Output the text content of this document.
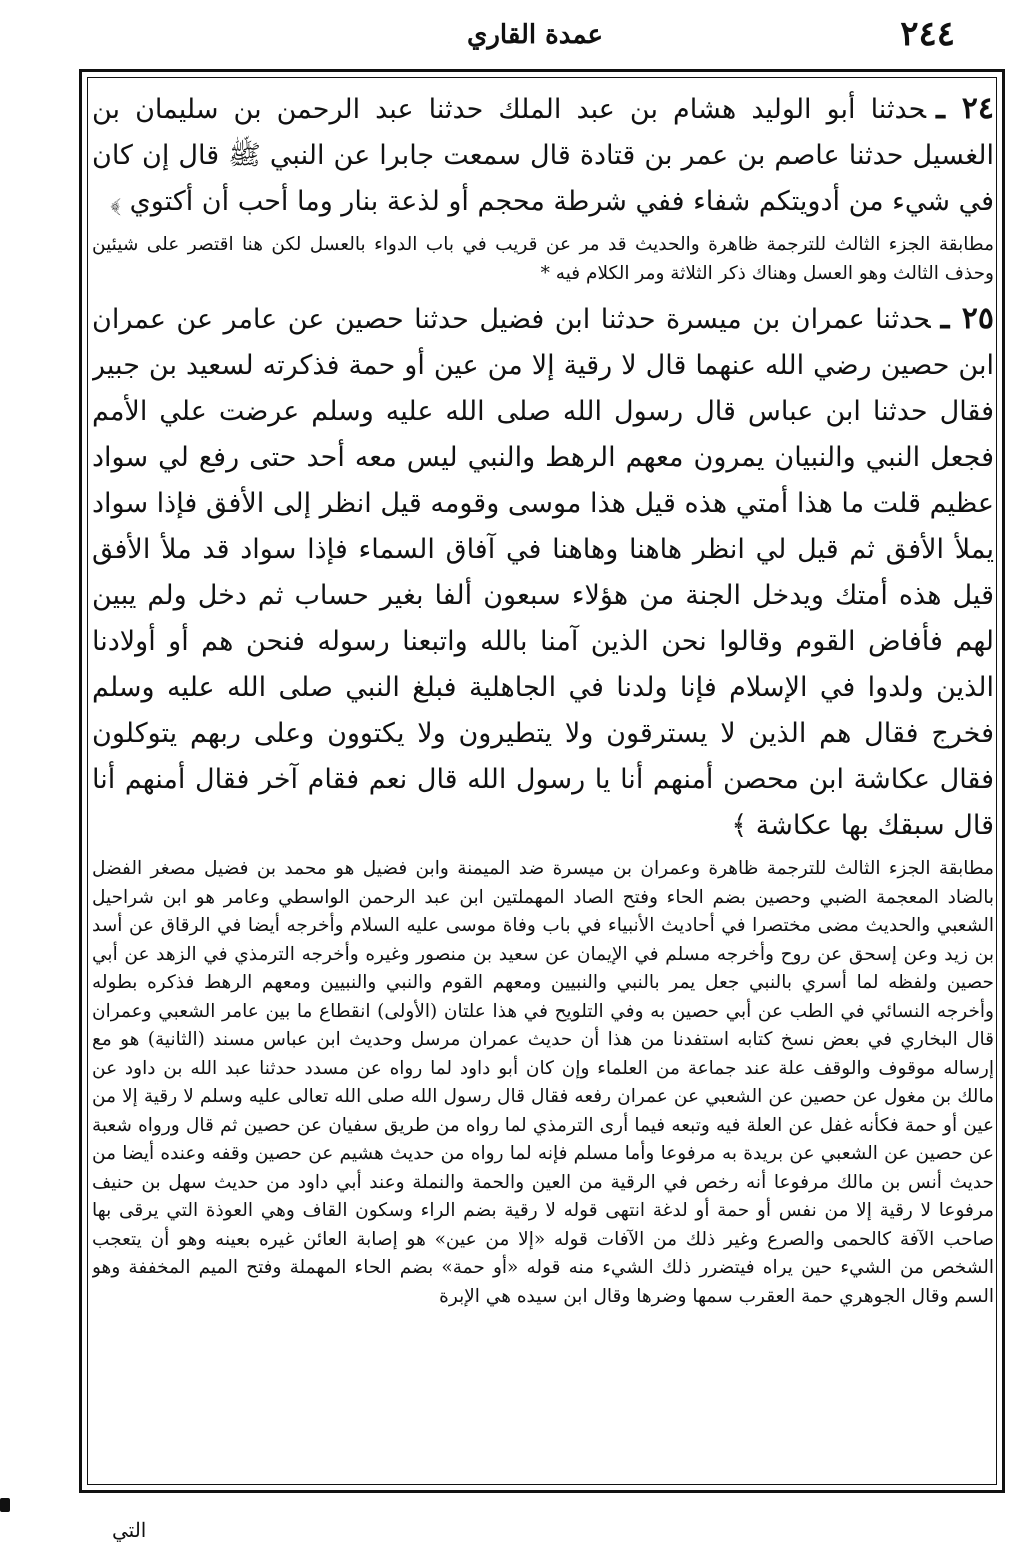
٢٤٤
عمدة القاري

٢٤ ـحدثنا أبو الوليد هشام بن عبد الملك حدثنا عبد الرحمن بن سليمان بن الغسيل حدثنا عاصم بن عمر بن قتادة قال سمعت جابرا عن النبي ﷺ قال إن كان في شيء من أدويتكم شفاء ففي شرطة محجم أو لذعة بنار وما أحب أن أكتوي ﴾

مطابقة الجزء الثالث للترجمة ظاهرة والحديث قد مر عن قريب في باب الدواء بالعسل لكن هنا اقتصر على شيئين وحذف الثالث وهو العسل وهناك ذكر الثلاثة ومر الكلام فيه *

٢٥ ـحدثنا عمران بن ميسرة حدثنا ابن فضيل حدثنا حصين عن عامر عن عمران ابن حصين رضي الله عنهما قال لا رقية إلا من عين أو حمة فذكرته لسعيد بن جبير فقال حدثنا ابن عباس قال رسول الله صلى الله عليه وسلم عرضت علي الأمم فجعل النبي والنبيان يمرون معهم الرهط والنبي ليس معه أحد حتى رفع لي سواد عظيم قلت ما هذا أمتي هذه قيل هذا موسى وقومه قيل انظر إلى الأفق فإذا سواد يملأ الأفق ثم قيل لي انظر هاهنا وهاهنا في آفاق السماء فإذا سواد قد ملأ الأفق قيل هذه أمتك ويدخل الجنة من هؤلاء سبعون ألفا بغير حساب ثم دخل ولم يبين لهم فأفاض القوم وقالوا نحن الذين آمنا بالله واتبعنا رسوله فنحن هم أو أولادنا الذين ولدوا في الإسلام فإنا ولدنا في الجاهلية فبلغ النبي صلى الله عليه وسلم فخرج فقال هم الذين لا يسترقون ولا يتطيرون ولا يكتوون وعلى ربهم يتوكلون فقال عكاشة ابن محصن أمنهم أنا يا رسول الله قال نعم فقام آخر فقال أمنهم أنا قال سبقك بها عكاشة ﴾

مطابقة الجزء الثالث للترجمة ظاهرة وعمران بن ميسرة ضد الميمنة وابن فضيل هو محمد بن فضيل مصغر الفضل بالضاد المعجمة الضبي وحصين بضم الحاء وفتح الصاد المهملتين ابن عبد الرحمن الواسطي وعامر هو ابن شراحيل الشعبي والحديث مضى مختصرا في أحاديث الأنبياء في باب وفاة موسى عليه السلام وأخرجه أيضا في الرقاق عن أسد بن زيد وعن إسحق عن روح وأخرجه مسلم في الإيمان عن سعيد بن منصور وغيره وأخرجه الترمذي في الزهد عن أبي حصين ولفظه لما أسري بالنبي جعل يمر بالنبي والنبيين ومعهم القوم والنبي والنبيين ومعهم الرهط فذكره بطوله وأخرجه النسائي في الطب عن أبي حصين به وفي التلويح في هذا علتان (الأولى) انقطاع ما بين عامر الشعبي وعمران قال البخاري في بعض نسخ كتابه استفدنا من هذا أن حديث عمران مرسل وحديث ابن عباس مسند (الثانية) هو مع إرساله موقوف والوقف علة عند جماعة من العلماء وإن كان أبو داود لما رواه عن مسدد حدثنا عبد الله بن داود عن مالك بن مغول عن حصين عن الشعبي عن عمران رفعه فقال قال رسول الله صلى الله تعالى عليه وسلم لا رقية إلا من عين أو حمة فكأنه غفل عن العلة فيه وتبعه فيما أرى الترمذي لما رواه من طريق سفيان عن حصين ثم قال ورواه شعبة عن حصين عن الشعبي عن بريدة به مرفوعا وأما مسلم فإنه لما رواه من حديث هشيم عن حصين وقفه وعنده أيضا من حديث أنس بن مالك مرفوعا أنه رخص في الرقية من العين والحمة والنملة وعند أبي داود من حديث سهل بن حنيف مرفوعا لا رقية إلا من نفس أو حمة أو لدغة انتهى قوله لا رقية بضم الراء وسكون القاف وهي العوذة التي يرقى بها صاحب الآفة كالحمى والصرع وغير ذلك من الآفات قوله «إلا من عين» هو إصابة العائن غيره بعينه وهو أن يتعجب الشخص من الشيء حين يراه فيتضرر ذلك الشيء منه قوله «أو حمة» بضم الحاء المهملة وفتح الميم المخففة وهو السم وقال الجوهري حمة العقرب سمها وضرها وقال ابن سيده هي الإبرة

التي
